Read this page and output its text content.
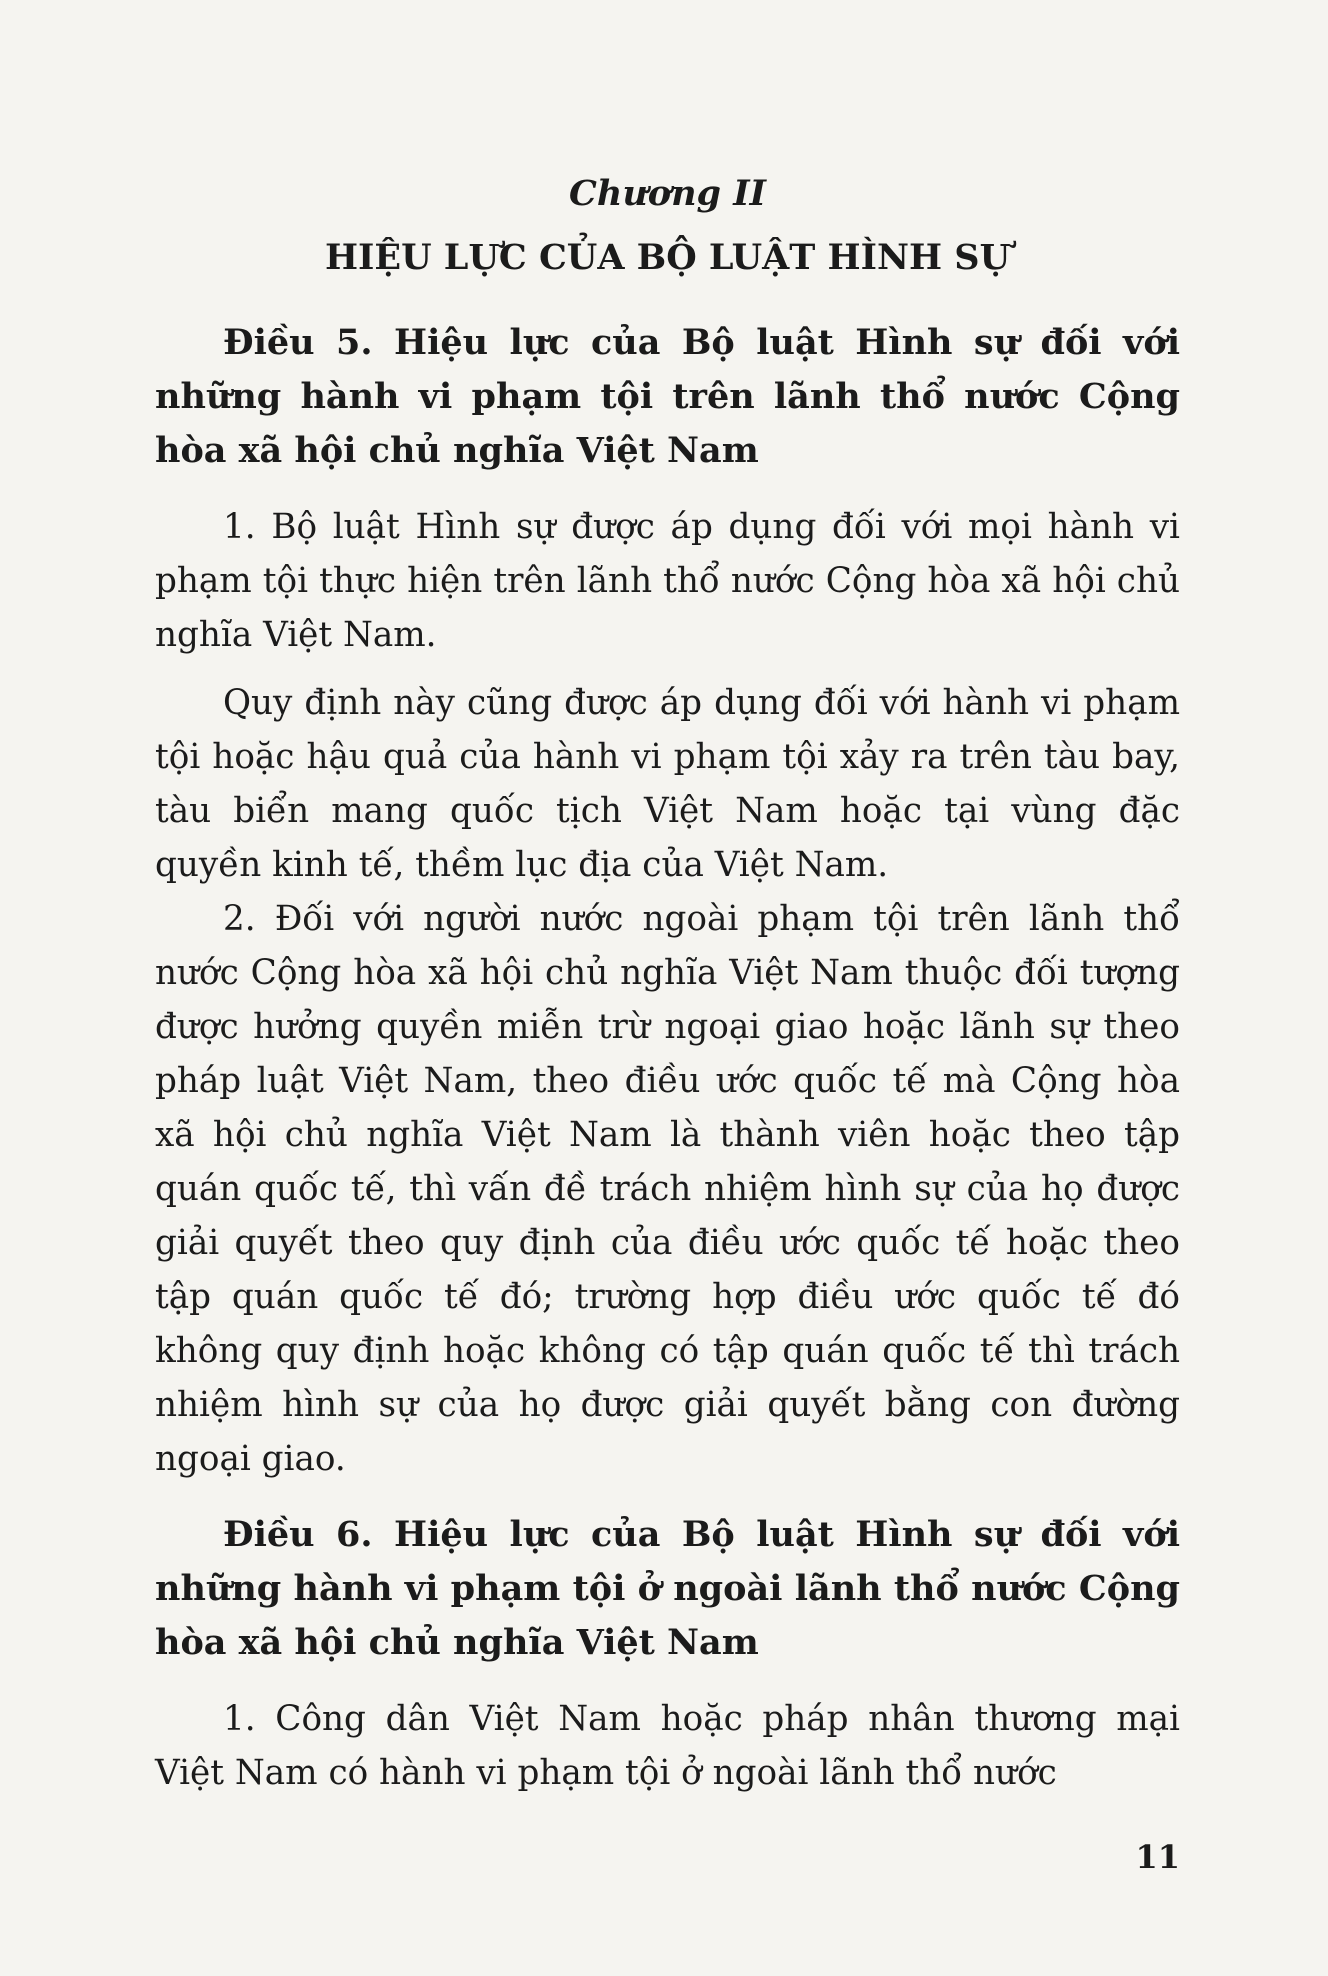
Chương II
HIỆU LỰC CỦA BỘ LUẬT HÌNH SỰ
Điều 5. Hiệu lực của Bộ luật Hình sự đối với những hành vi phạm tội trên lãnh thổ nước Cộng hòa xã hội chủ nghĩa Việt Nam

1. Bộ luật Hình sự được áp dụng đối với mọi hành vi phạm tội thực hiện trên lãnh thổ nước Cộng hòa xã hội chủ nghĩa Việt Nam.

Quy định này cũng được áp dụng đối với hành vi phạm tội hoặc hậu quả của hành vi phạm tội xảy ra trên tàu bay, tàu biển mang quốc tịch Việt Nam hoặc tại vùng đặc quyền kinh tế, thềm lục địa của Việt Nam.

2. Đối với người nước ngoài phạm tội trên lãnh thổ nước Cộng hòa xã hội chủ nghĩa Việt Nam thuộc đối tượng được hưởng quyền miễn trừ ngoại giao hoặc lãnh sự theo pháp luật Việt Nam, theo điều ước quốc tế mà Cộng hòa xã hội chủ nghĩa Việt Nam là thành viên hoặc theo tập quán quốc tế, thì vấn đề trách nhiệm hình sự của họ được giải quyết theo quy định của điều ước quốc tế hoặc theo tập quán quốc tế đó; trường hợp điều ước quốc tế đó không quy định hoặc không có tập quán quốc tế thì trách nhiệm hình sự của họ được giải quyết bằng con đường ngoại giao.

Điều 6. Hiệu lực của Bộ luật Hình sự đối với những hành vi phạm tội ở ngoài lãnh thổ nước Cộng hòa xã hội chủ nghĩa Việt Nam

1. Công dân Việt Nam hoặc pháp nhân thương mại Việt Nam có hành vi phạm tội ở ngoài lãnh thổ nước

11
